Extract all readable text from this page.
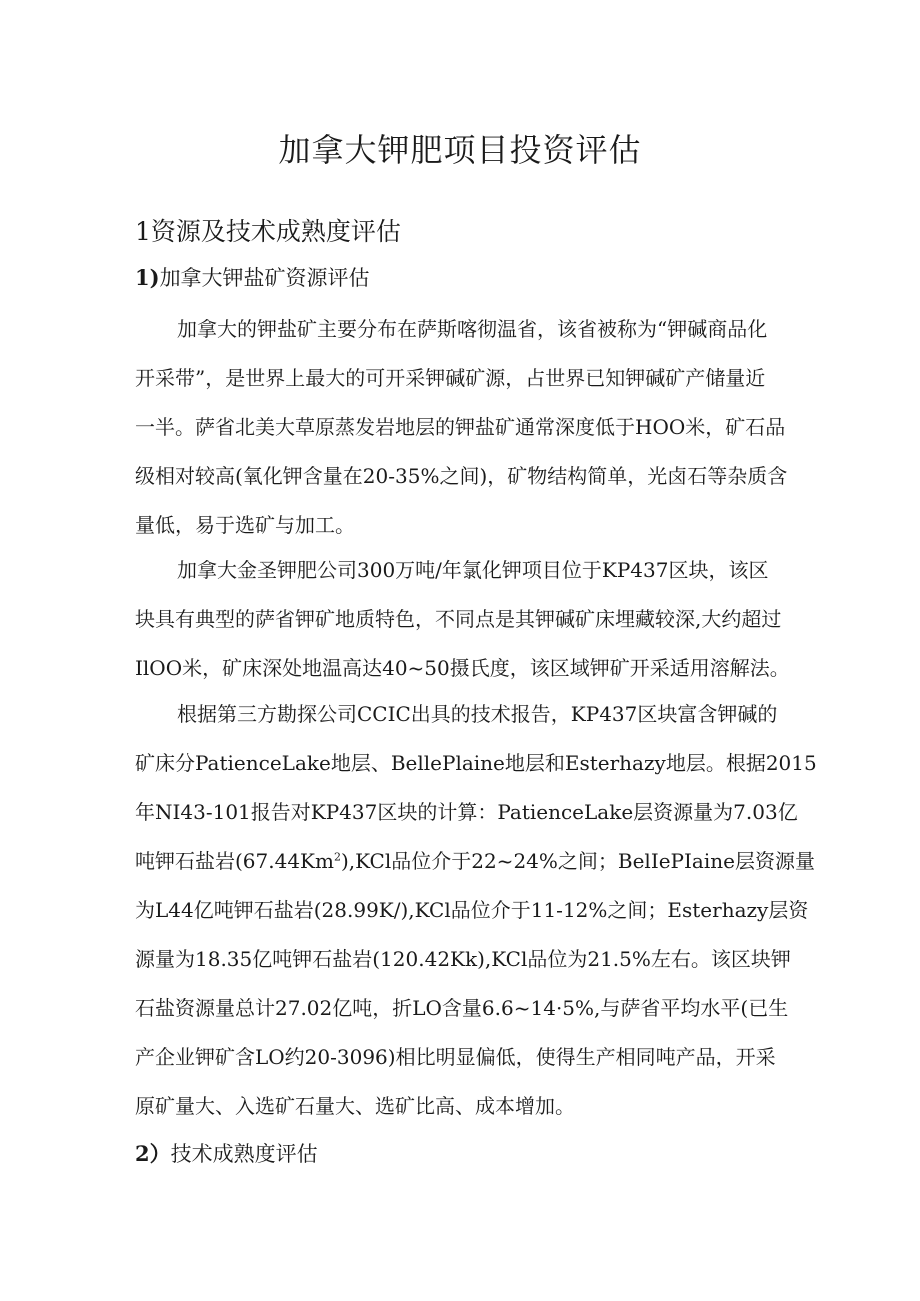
加拿大钾肥项目投资评估
1资源及技术成熟度评估
1)加拿大钾盐矿资源评估

加拿大的钾盐矿主要分布在萨斯喀彻温省，该省被称为“钾碱商品化
开采带”，是世界上最大的可开采钾碱矿源，占世界已知钾碱矿产储量近
一半。萨省北美大草原蒸发岩地层的钾盐矿通常深度低于HOO米，矿石品
级相对较高(氧化钾含量在20-35%之间)，矿物结构简单，光卤石等杂质含
量低，易于选矿与加工。

加拿大金圣钾肥公司300万吨/年氯化钾项目位于KP437区块，该区
块具有典型的萨省钾矿地质特色，不同点是其钾碱矿床埋藏较深,大约超过
IlOO米，矿床深处地温高达40~50摄氏度，该区域钾矿开采适用溶解法。

根据第三方勘探公司CCIC出具的技术报告，KP437区块富含钾碱的
矿床分PatienceLake地层、BellePlaine地层和Esterhazy地层。根据2015
年NI43-101报告对KP437区块的计算：PatienceLake层资源量为7.03亿
吨钾石盐岩(67.44Km$^2$),KCl品位介于22~24%之间；BelIePIaine层资源量
为L44亿吨钾石盐岩(28.99K/),KCl品位介于11-12%之间；Esterhazy层资
源量为18.35亿吨钾石盐岩(120.42Kk),KCl品位为21.5%左右。该区块钾
石盐资源量总计27.02亿吨，折LO含量6.6~14·5%,与萨省平均水平(已生
产企业钾矿含LO约20-3096)相比明显偏低，使得生产相同吨产品，开采
原矿量大、入选矿石量大、选矿比高、成本增加。

2）技术成熟度评估
